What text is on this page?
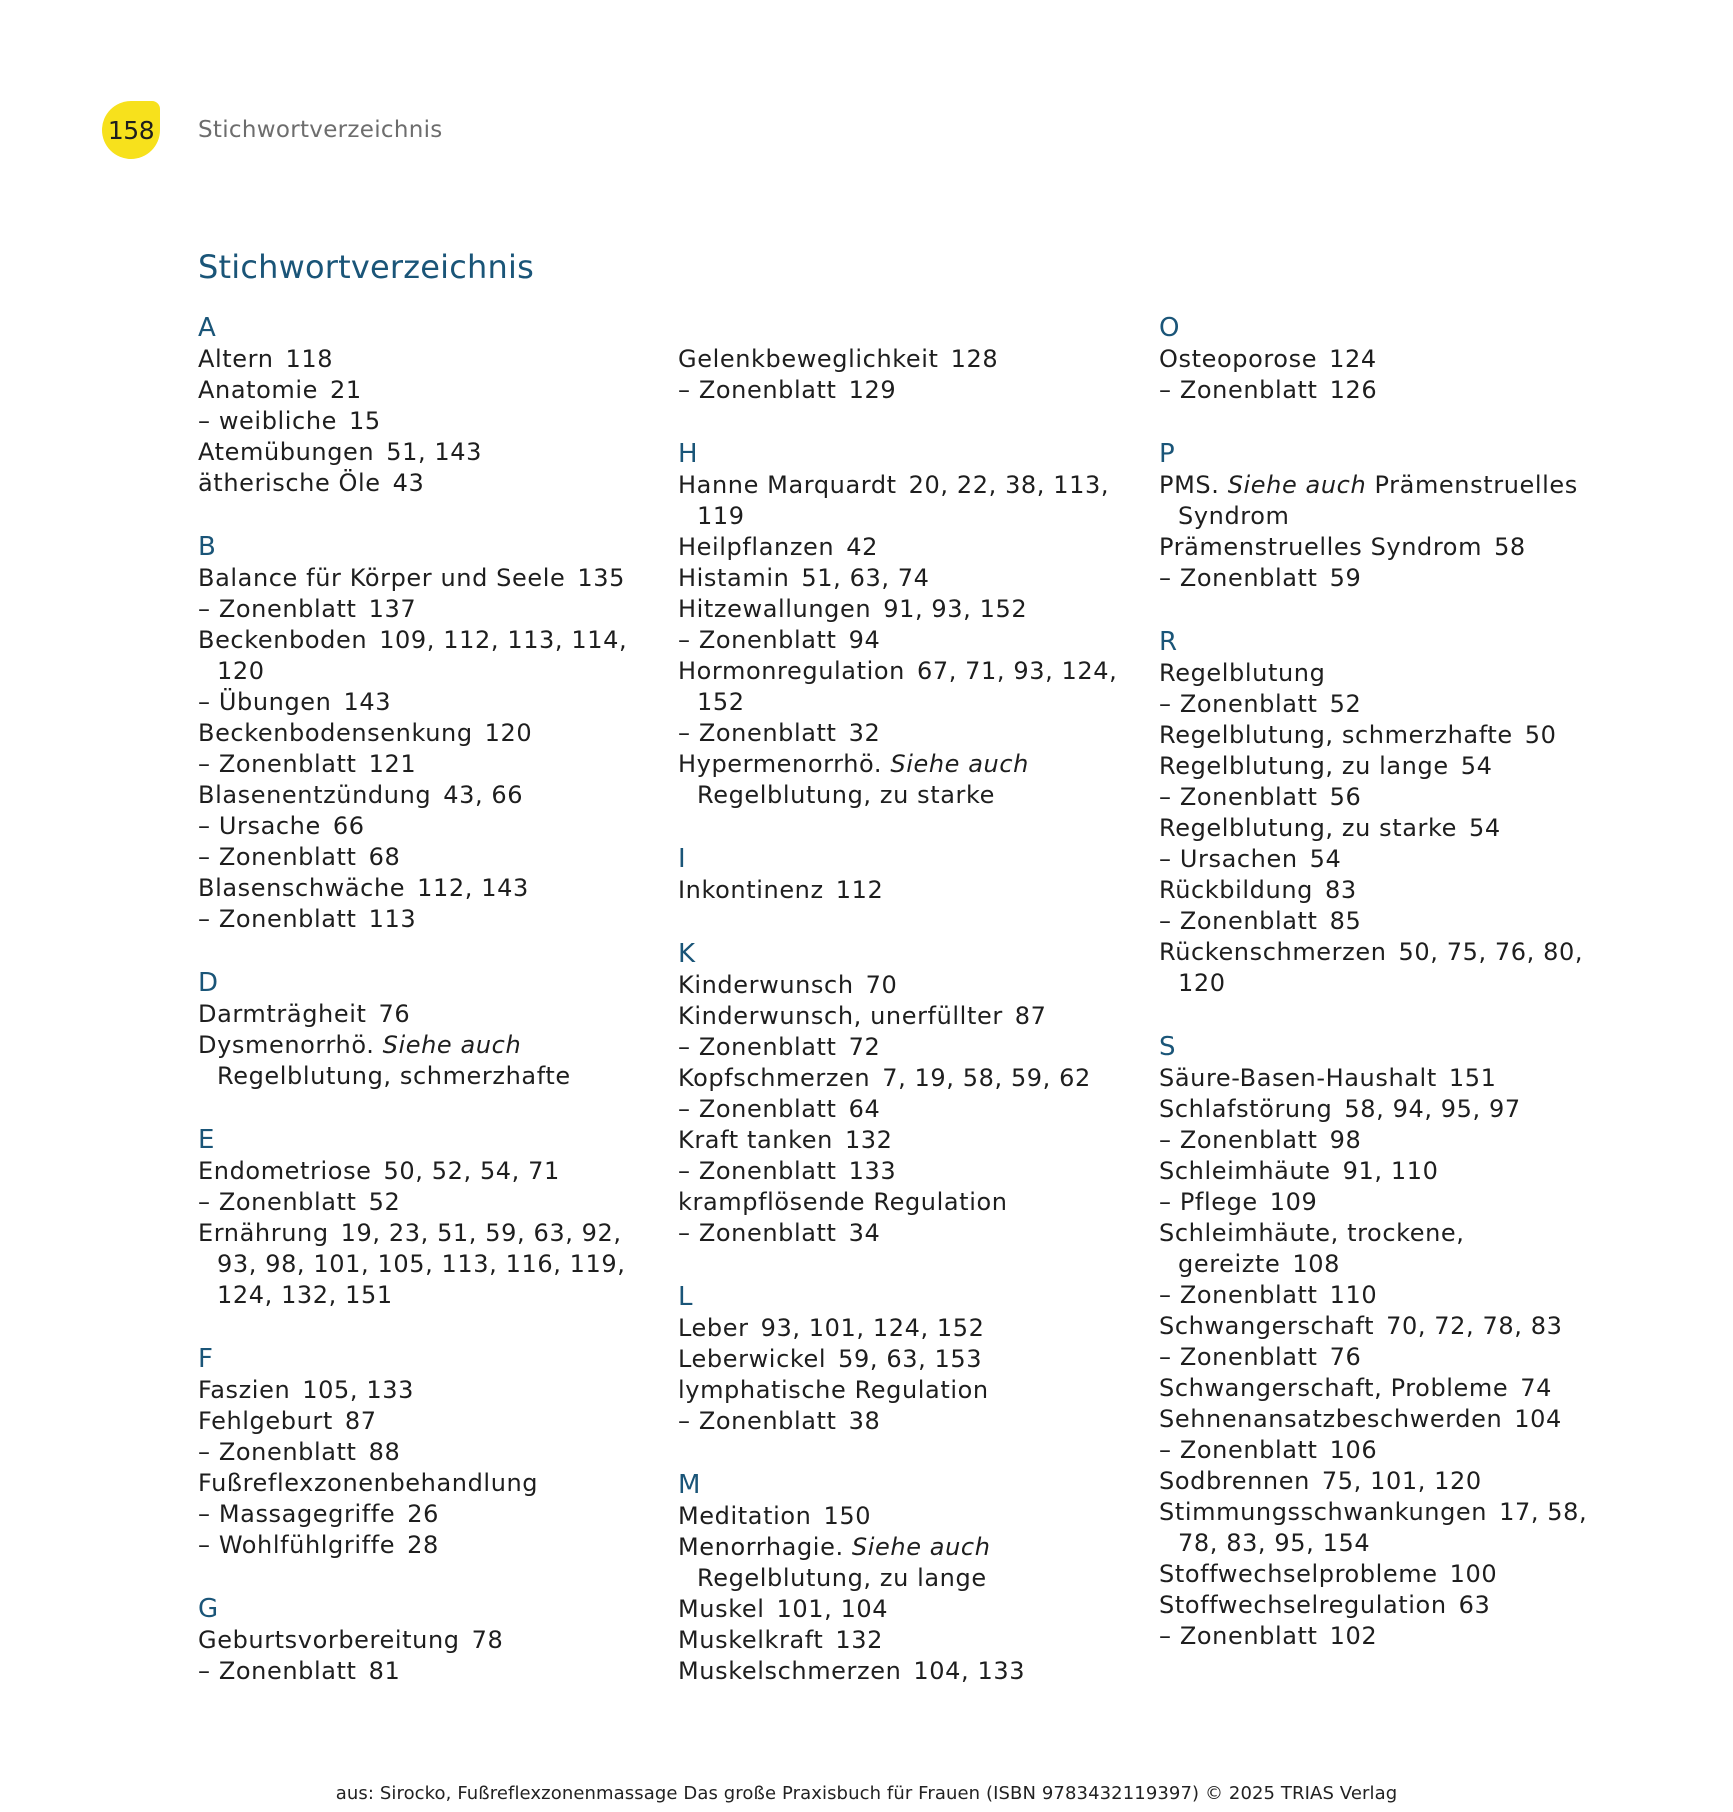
158 Stichwortverzeichnis
Stichwortverzeichnis
A
Altern 118
Anatomie 21
– weibliche 15
Atemübungen 51, 143
ätherische Öle 43
B
Balance für Körper und Seele 135
– Zonenblatt 137
Beckenboden 109, 112, 113, 114, 120
– Übungen 143
Beckenbodensenkung 120
– Zonenblatt 121
Blasenentzündung 43, 66
– Ursache 66
– Zonenblatt 68
Blasenschwäche 112, 143
– Zonenblatt 113
D
Darmträgheit 76
Dysmenorrhö. Siehe auch Regelblutung, schmerzhafte
E
Endometriose 50, 52, 54, 71
– Zonenblatt 52
Ernährung 19, 23, 51, 59, 63, 92, 93, 98, 101, 105, 113, 116, 119, 124, 132, 151
F
Faszien 105, 133
Fehlgeburt 87
– Zonenblatt 88
Fußreflexzonenbehandlung
– Massagegriffe 26
– Wohlfühlgriffe 28
G
Geburtsvorbereitung 78
– Zonenblatt 81
Gelenkbeweglichkeit 128
– Zonenblatt 129
H
Hanne Marquardt 20, 22, 38, 113, 119
Heilpflanzen 42
Histamin 51, 63, 74
Hitzewallungen 91, 93, 152
– Zonenblatt 94
Hormonregulation 67, 71, 93, 124, 152
– Zonenblatt 32
Hypermenorrhö. Siehe auch Regelblutung, zu starke
I
Inkontinenz 112
K
Kinderwunsch 70
Kinderwunsch, unerfüllter 87
– Zonenblatt 72
Kopfschmerzen 7, 19, 58, 59, 62
– Zonenblatt 64
Kraft tanken 132
– Zonenblatt 133
krampflösende Regulation
– Zonenblatt 34
L
Leber 93, 101, 124, 152
Leberwickel 59, 63, 153
lymphatische Regulation
– Zonenblatt 38
M
Meditation 150
Menorrhagie. Siehe auch Regelblutung, zu lange
Muskel 101, 104
Muskelkraft 132
Muskelschmerzen 104, 133
O
Osteoporose 124
– Zonenblatt 126
P
PMS. Siehe auch Prämenstruelles Syndrom
Prämenstruelles Syndrom 58
– Zonenblatt 59
R
Regelblutung
– Zonenblatt 52
Regelblutung, schmerzhafte 50
Regelblutung, zu lange 54
– Zonenblatt 56
Regelblutung, zu starke 54
– Ursachen 54
Rückbildung 83
– Zonenblatt 85
Rückenschmerzen 50, 75, 76, 80, 120
S
Säure-Basen-Haushalt 151
Schlafstörung 58, 94, 95, 97
– Zonenblatt 98
Schleimhäute 91, 110
– Pflege 109
Schleimhäute, trockene, gereizte 108
– Zonenblatt 110
Schwangerschaft 70, 72, 78, 83
– Zonenblatt 76
Schwangerschaft, Probleme 74
Sehnenansatzbeschwerden 104
– Zonenblatt 106
Sodbrennen 75, 101, 120
Stimmungsschwankungen 17, 58, 78, 83, 95, 154
Stoffwechselprobleme 100
Stoffwechselregulation 63
– Zonenblatt 102
aus: Sirocko, Fußreflexzonenmassage Das große Praxisbuch für Frauen (ISBN 9783432119397) © 2025 TRIAS Verlag
